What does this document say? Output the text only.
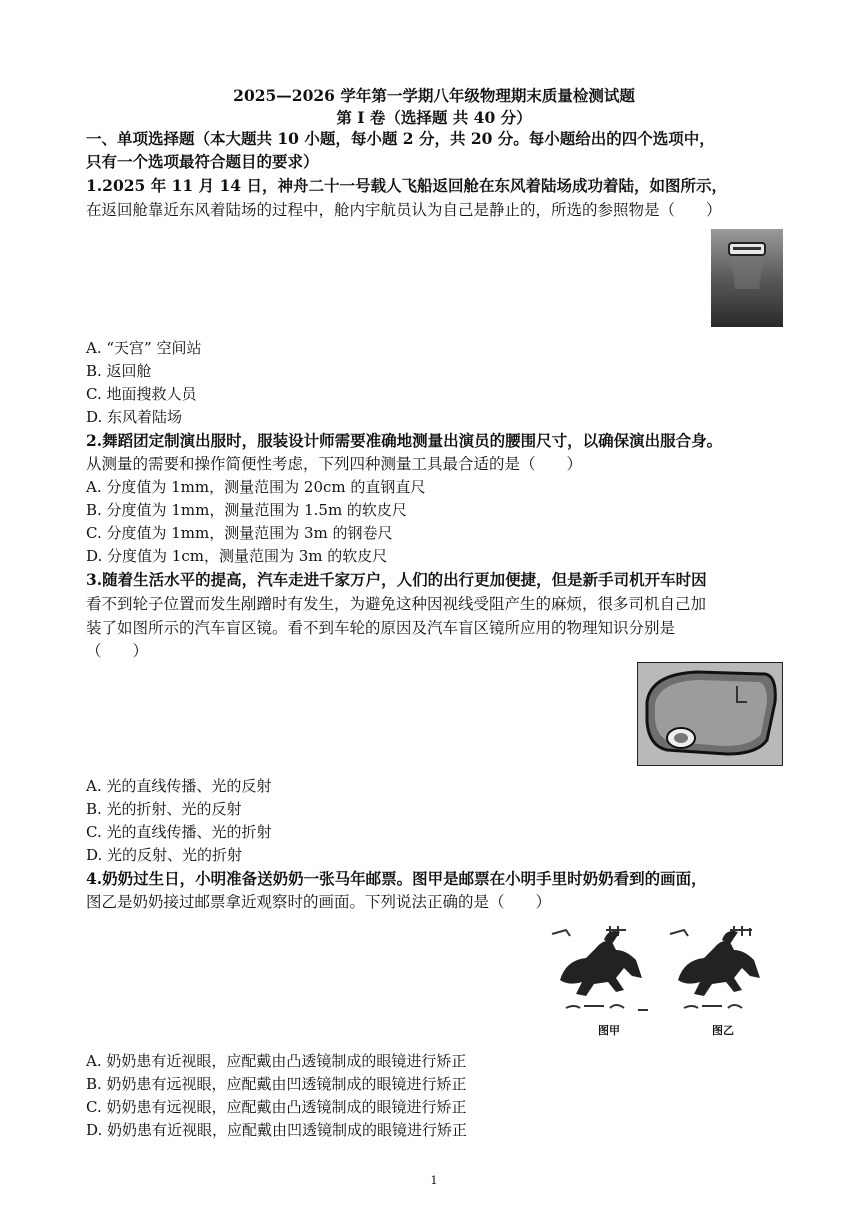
2025—2026 学年第一学期八年级物理期末质量检测试题
第 Ⅰ 卷（选择题 共 40 分）
一、单项选择题（本大题共 10 小题，每小题 2 分，共 20 分。每小题给出的四个选项中，
只有一个选项最符合题目的要求）
1.2025 年 11 月 14 日，神舟二十一号载人飞船返回舱在东风着陆场成功着陆，如图所示，
在返回舱靠近东风着陆场的过程中，舱内宇航员认为自己是静止的，所选的参照物是（　　）
A. “天宫” 空间站
B. 返回舱
C. 地面搜救人员
D. 东风着陆场
2.舞蹈团定制演出服时，服装设计师需要准确地测量出演员的腰围尺寸，以确保演出服合身。
从测量的需要和操作简便性考虑，下列四种测量工具最合适的是（　　）
A. 分度值为 1mm，测量范围为 20cm 的直钢直尺
B. 分度值为 1mm，测量范围为 1.5m 的软皮尺
C. 分度值为 1mm，测量范围为 3m 的钢卷尺
D. 分度值为 1cm，测量范围为 3m 的软皮尺
3.随着生活水平的提高，汽车走进千家万户，人们的出行更加便捷，但是新手司机开车时因
看不到轮子位置而发生剐蹭时有发生，为避免这种因视线受阻产生的麻烦，很多司机自己加
装了如图所示的汽车盲区镜。看不到车轮的原因及汽车盲区镜所应用的物理知识分别是
（　　）
A. 光的直线传播、光的反射
B. 光的折射、光的反射
C. 光的直线传播、光的折射
D. 光的反射、光的折射
4.奶奶过生日，小明准备送奶奶一张马年邮票。图甲是邮票在小明手里时奶奶看到的画面，
图乙是奶奶接过邮票拿近观察时的画面。下列说法正确的是（　　）
图甲	图乙
A. 奶奶患有近视眼，应配戴由凸透镜制成的眼镜进行矫正
B. 奶奶患有远视眼，应配戴由凹透镜制成的眼镜进行矫正
C. 奶奶患有远视眼，应配戴由凸透镜制成的眼镜进行矫正
D. 奶奶患有近视眼，应配戴由凹透镜制成的眼镜进行矫正
1
